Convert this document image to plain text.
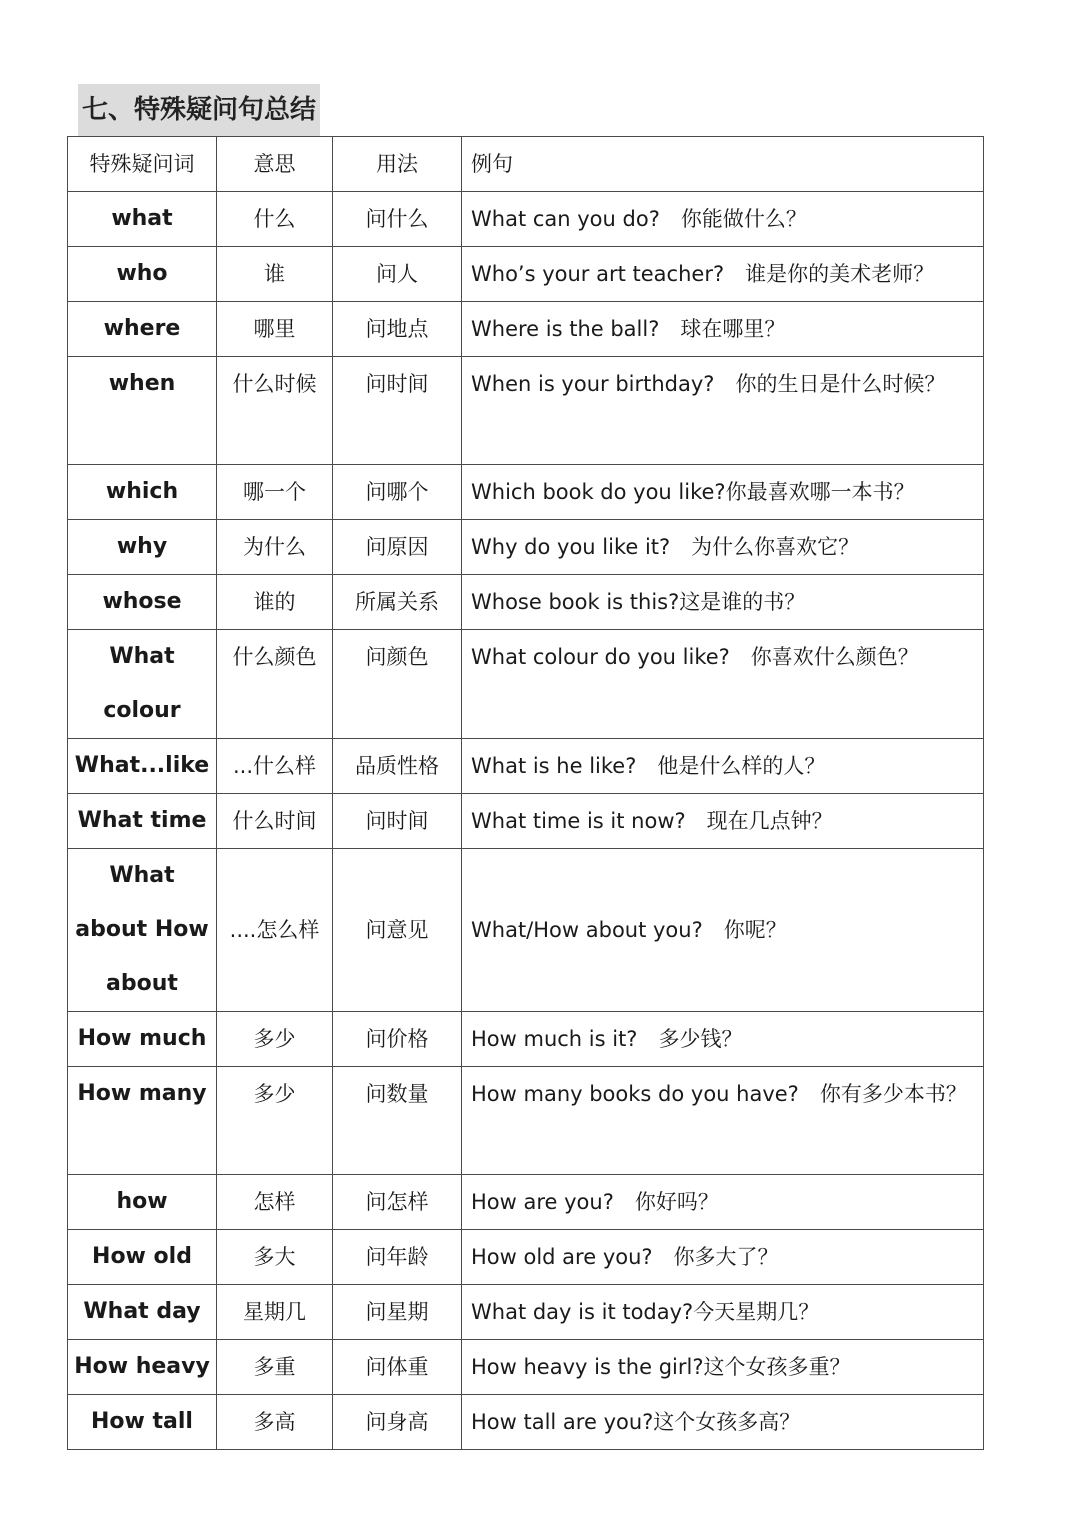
七、特殊疑问句总结
特殊疑问词	意思	用法	例句
what	什么	问什么	What can you do?　你能做什么？
who	谁	问人	Who’s your art teacher?　谁是你的美术老师？
where	哪里	问地点	Where is the ball?　球在哪里？
when	什么时候	问时间	When is your birthday?　你的生日是什么时候？
which	哪一个	问哪个	Which book do you like?你最喜欢哪一本书？
why	为什么	问原因	Why do you like it?　为什么你喜欢它？
whose	谁的	所属关系	Whose book is this?这是谁的书？
What colour	什么颜色	问颜色	What colour do you like?　你喜欢什么颜色？
What...like	...什么样	品质性格	What is he like?　他是什么样的人？
What time	什么时间	问时间	What time is it now?　现在几点钟？
What about How about	....怎么样	问意见	What/How about you?　你呢？
How much	多少	问价格	How much is it?　多少钱？
How many	多少	问数量	How many books do you have?　你有多少本书？
how	怎样	问怎样	How are you?　你好吗？
How old	多大	问年龄	How old are you?　你多大了？
What day	星期几	问星期	What day is it today?今天星期几？
How heavy	多重	问体重	How heavy is the girl?这个女孩多重？
How tall	多高	问身高	How tall are you?这个女孩多高？
